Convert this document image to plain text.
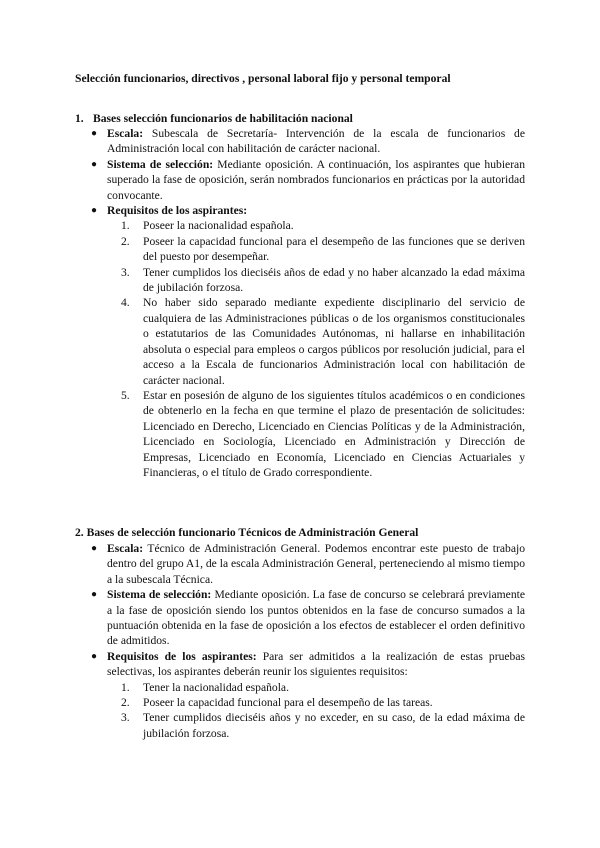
Selección funcionarios, directivos , personal laboral fijo y personal temporal
1. Bases selección funcionarios de habilitación nacional
● Escala: Subescala de Secretaría- Intervención de la escala de funcionarios de Administración local con habilitación de carácter nacional.
● Sistema de selección: Mediante oposición. A continuación, los aspirantes que hubieran superado la fase de oposición, serán nombrados funcionarios en prácticas por la autoridad convocante.
● Requisitos de los aspirantes:
1. Poseer la nacionalidad española.
2. Poseer la capacidad funcional para el desempeño de las funciones que se deriven del puesto por desempeñar.
3. Tener cumplidos los dieciséis años de edad y no haber alcanzado la edad máxima de jubilación forzosa.
4. No haber sido separado mediante expediente disciplinario del servicio de cualquiera de las Administraciones públicas o de los organismos constitucionales o estatutarios de las Comunidades Autónomas, ni hallarse en inhabilitación absoluta o especial para empleos o cargos públicos por resolución judicial, para el acceso a la Escala de funcionarios Administración local con habilitación de carácter nacional.
5. Estar en posesión de alguno de los siguientes títulos académicos o en condiciones de obtenerlo en la fecha en que termine el plazo de presentación de solicitudes: Licenciado en Derecho, Licenciado en Ciencias Políticas y de la Administración, Licenciado en Sociología, Licenciado en Administración y Dirección de Empresas, Licenciado en Economía, Licenciado en Ciencias Actuariales y Financieras, o el título de Grado correspondiente.
2. Bases de selección funcionario Técnicos de Administración General
● Escala: Técnico de Administración General. Podemos encontrar este puesto de trabajo dentro del grupo A1, de la escala Administración General, perteneciendo al mismo tiempo a la subescala Técnica.
● Sistema de selección: Mediante oposición. La fase de concurso se celebrará previamente a la fase de oposición siendo los puntos obtenidos en la fase de concurso sumados a la puntuación obtenida en la fase de oposición a los efectos de establecer el orden definitivo de admitidos.
● Requisitos de los aspirantes: Para ser admitidos a la realización de estas pruebas selectivas, los aspirantes deberán reunir los siguientes requisitos:
1. Tener la nacionalidad española.
2. Poseer la capacidad funcional para el desempeño de las tareas.
3. Tener cumplidos dieciséis años y no exceder, en su caso, de la edad máxima de jubilación forzosa.
